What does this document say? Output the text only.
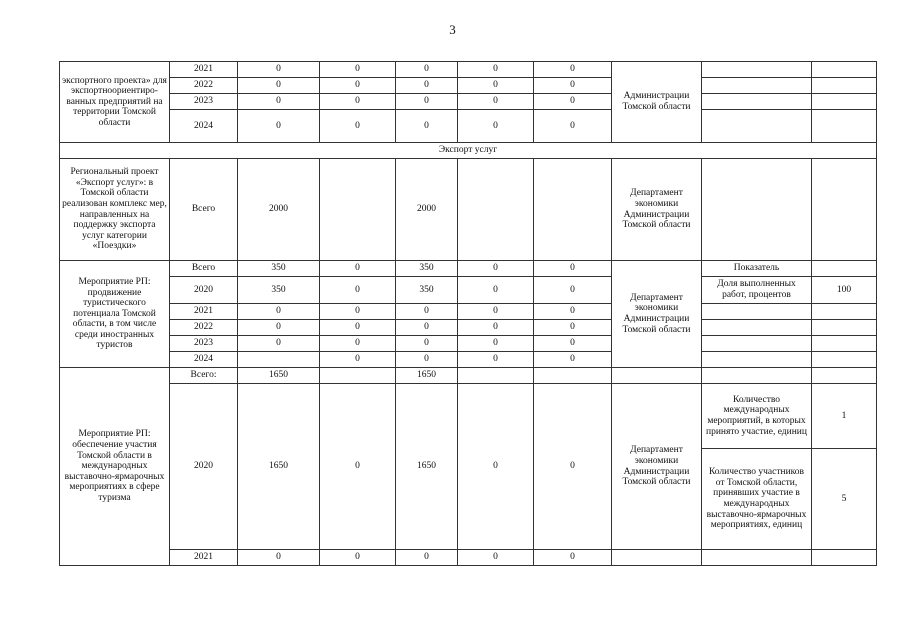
3
экспортного проекта» для экспортноориентиро-ванных предприятий на территории Томской области	2021	0	0	0	0	0	Администрации Томской области		
	2022	0	0	0	0	0			
	2023	0	0	0	0	0			
	2024	0	0	0	0	0			
Экспорт услуг									
Региональный проект «Экспорт услуг»: в Томской области реализован комплекс мер, направленных на поддержку экспорта услуг категории «Поездки»	Всего	2000		2000			Департамент экономики Администрации Томской области		
Мероприятие РП: продвижение туристического потенциала Томской области, в том числе среди иностранных туристов	Всего	350	0	350	0	0	Департамент экономики Администрации Томской области	Показатель	
	2020	350	0	350	0	0		Доля выполненных работ, процентов	100
	2021	0	0	0	0	0			
	2022	0	0	0	0	0			
	2023	0	0	0	0	0			
	2024		0	0	0	0			
Мероприятие РП: обеспечение участия Томской области в международных выставочно-ярмарочных мероприятиях в сфере туризма	Всего:	1650		1650					
	2020	1650	0	1650	0	0	Департамент экономики Администрации Томской области	Количество международных мероприятий, в которых принято участие, единиц	1
								Количество участников от Томской области, принявших участие в международных выставочно-ярмарочных мероприятиях, единиц	5
	2021	0	0	0	0	0			
